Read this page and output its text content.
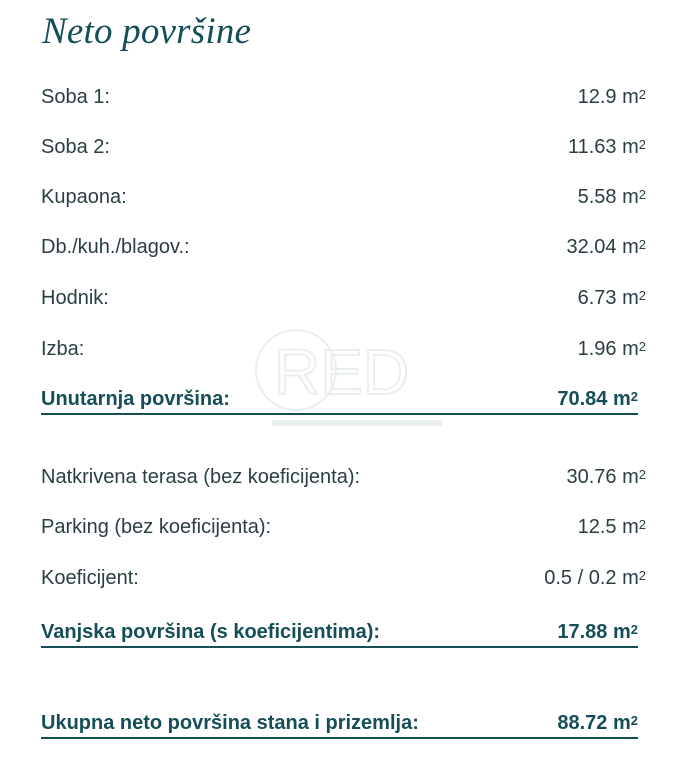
Neto površine
RED
Soba 1:	12.9 $m^2$
Soba 2:	11.63 $m^2$
Kupaona:	5.58 $m^2$
Db./kuh./blagov.:	32.04 $m^2$
Hodnik:	6.73 $m^2$
Izba:	1.96 $m^2$
Unutarnja površina:	70.84 $m^2$
Natkrivena terasa (bez koeficijenta):	30.76 $m^2$
Parking (bez koeficijenta):	12.5 $m^2$
Koeficijent:	0.5 / 0.2 $m^2$
Vanjska površina (s koeficijentima):	17.88 $m^2$
Ukupna neto površina stana i prizemlja:	88.72 $m^2$
